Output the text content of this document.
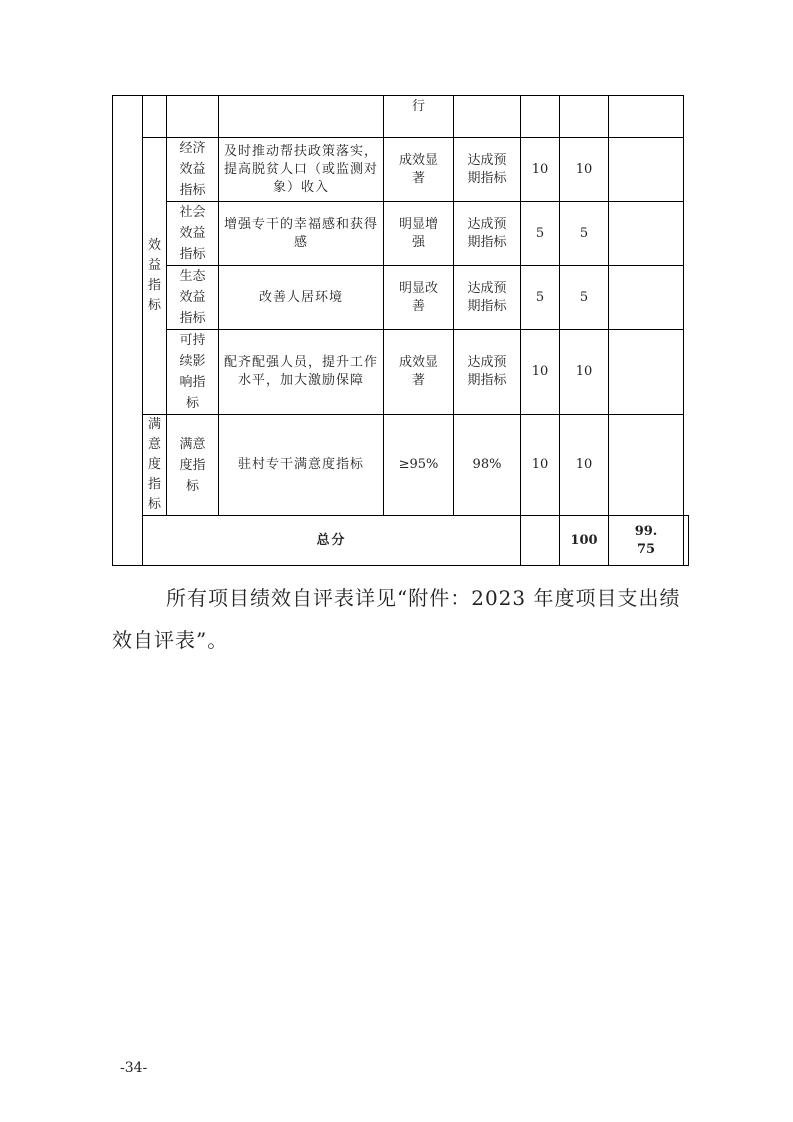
				行					

	效益指标	经济效益指标	及时推动帮扶政策落实，提高脱贫人口（或监测对象）收入	成效显著	达成预期指标	10	10		

		社会效益指标	增强专干的幸福感和获得感	明显增强	达成预期指标	5	5		

		生态效益指标	改善人居环境	明显改善	达成预期指标	5	5		

		可持续影响指标	配齐配强人员，提升工作水平，加大激励保障	成效显著	达成预期指标	10	10		

	满意度指标	满意度指标	驻村专干满意度指标	≥95%	98%	10	10		
	总分						100	99.75	

所有项目绩效自评表详见“附件：2023 年度项目支出绩效自评表”。

-34-
